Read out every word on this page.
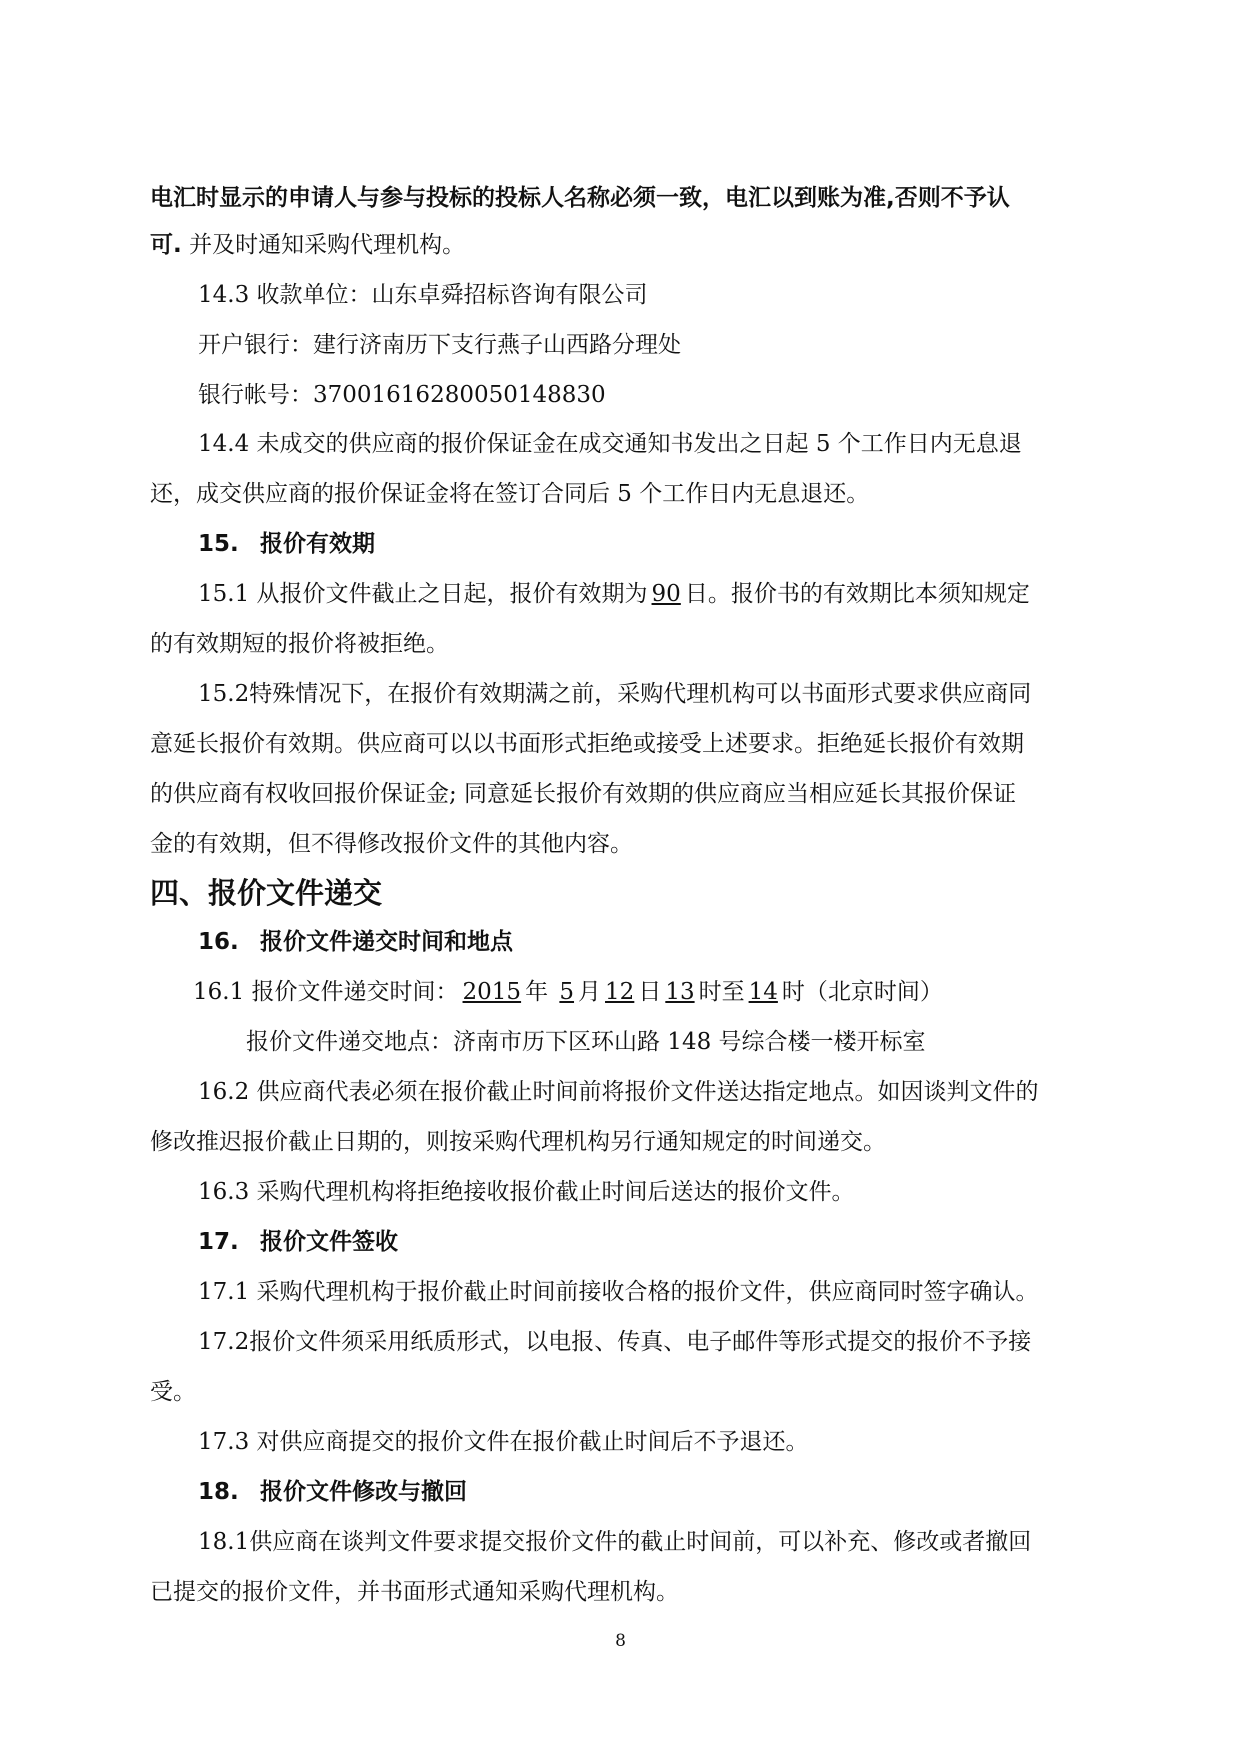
电汇时显示的申请人与参与投标的投标人名称必须一致，电汇以到账为准,否则不予认
可. 并及时通知采购代理机构。
14.3 收款单位：山东卓舜招标咨询有限公司
开户银行：建行济南历下支行燕子山西路分理处
银行帐号：37001616280050148830
14.4 未成交的供应商的报价保证金在成交通知书发出之日起 5 个工作日内无息退
还，成交供应商的报价保证金将在签订合同后 5 个工作日内无息退还。
15. 报价有效期
15.1 从报价文件截止之日起，报价有效期为 90 日。报价书的有效期比本须知规定
的有效期短的报价将被拒绝。
15.2特殊情况下，在报价有效期满之前，采购代理机构可以书面形式要求供应商同
意延长报价有效期。供应商可以以书面形式拒绝或接受上述要求。拒绝延长报价有效期
的供应商有权收回报价保证金; 同意延长报价有效期的供应商应当相应延长其报价保证
金的有效期，但不得修改报价文件的其他内容。
四、报价文件递交
16. 报价文件递交时间和地点
16.1 报价文件递交时间： 2015 年 5 月 12 日 13 时至 14 时（北京时间）
报价文件递交地点：济南市历下区环山路 148 号综合楼一楼开标室
16.2 供应商代表必须在报价截止时间前将报价文件送达指定地点。如因谈判文件的
修改推迟报价截止日期的，则按采购代理机构另行通知规定的时间递交。
16.3 采购代理机构将拒绝接收报价截止时间后送达的报价文件。
17. 报价文件签收
17.1 采购代理机构于报价截止时间前接收合格的报价文件，供应商同时签字确认。
17.2报价文件须采用纸质形式，以电报、传真、电子邮件等形式提交的报价不予接
受。
17.3 对供应商提交的报价文件在报价截止时间后不予退还。
18. 报价文件修改与撤回
18.1供应商在谈判文件要求提交报价文件的截止时间前，可以补充、修改或者撤回
已提交的报价文件，并书面形式通知采购代理机构。
8
